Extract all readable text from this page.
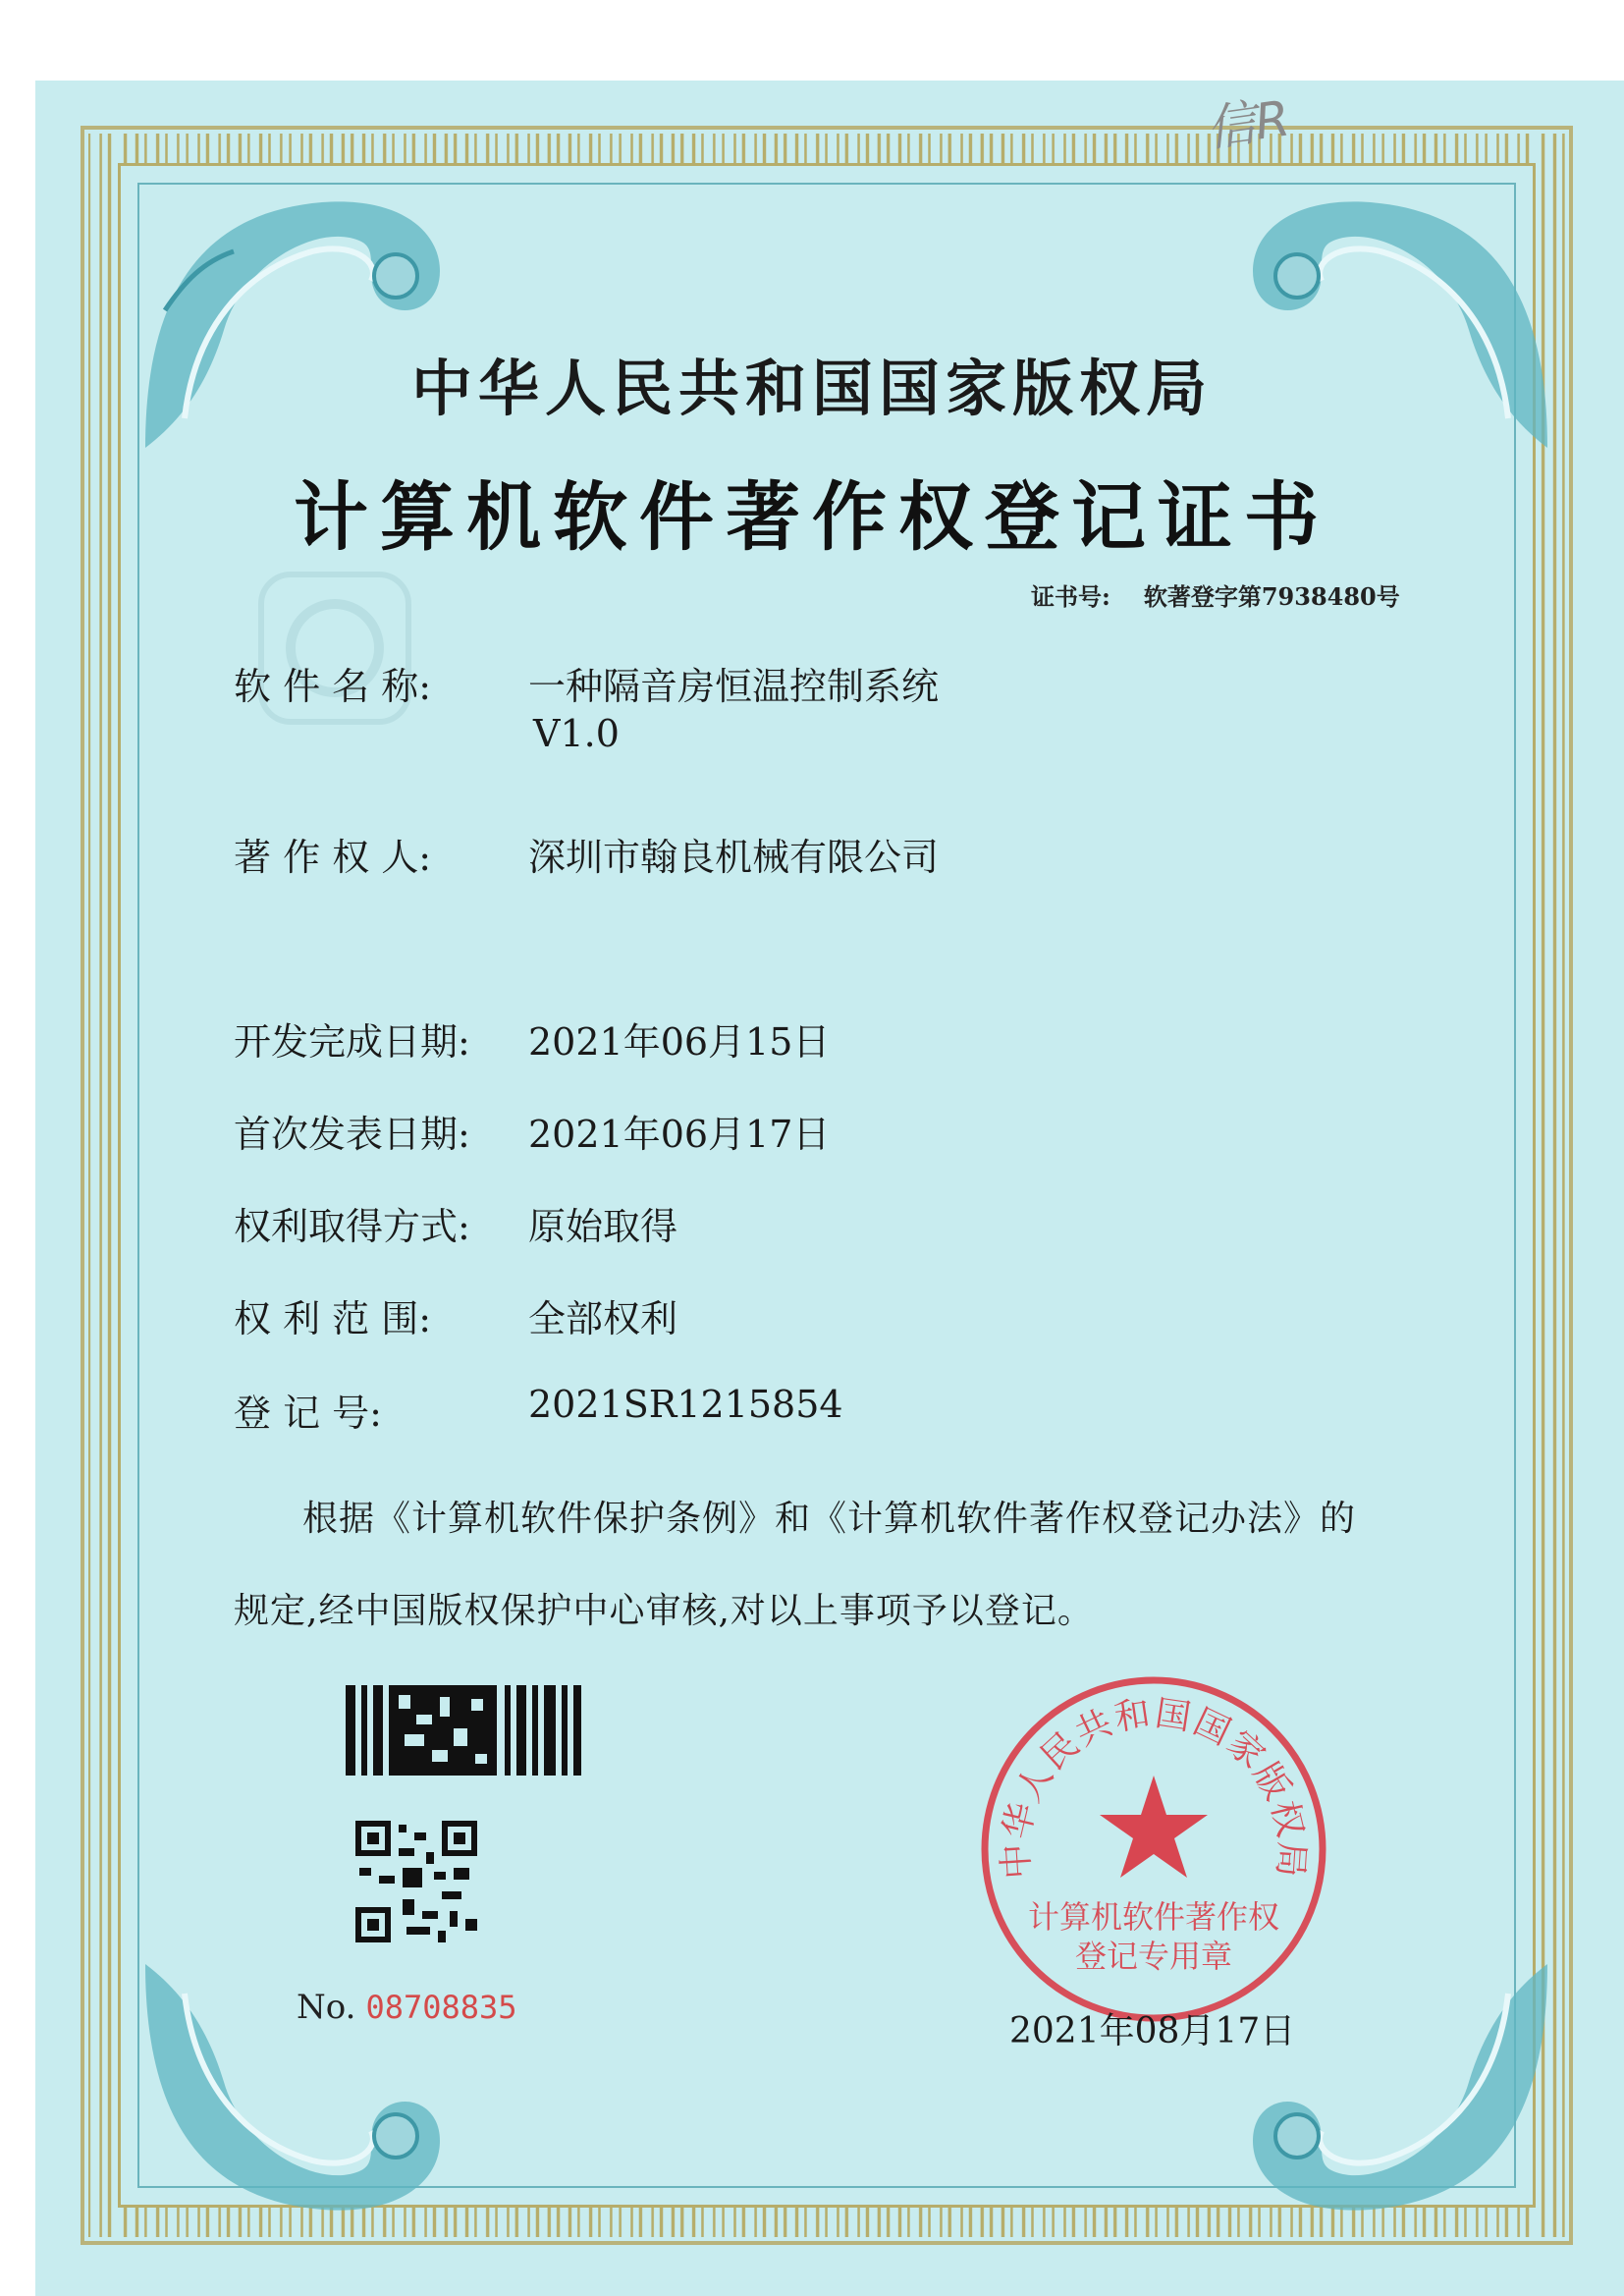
信R
中华人民共和国国家版权局
计算机软件著作权登记证书
证书号: 软著登字第7938480号
软 件 名 称:	一种隔音房恒温控制系统
V1.0
著 作 权 人:	深圳市翰良机械有限公司
开发完成日期: 2021年06月15日
首次发表日期: 2021年06月17日
权利取得方式: 原始取得
权 利 范 围:	全部权利
登 记 号:	2021SR1215854
根据《计算机软件保护条例》和《计算机软件著作权登记办法》的
规定,经中国版权保护中心审核,对以上事项予以登记。
No. 08708835
中华人民共和国国家版权局
计算机软件著作权
登记专用章
2021年08月17日
